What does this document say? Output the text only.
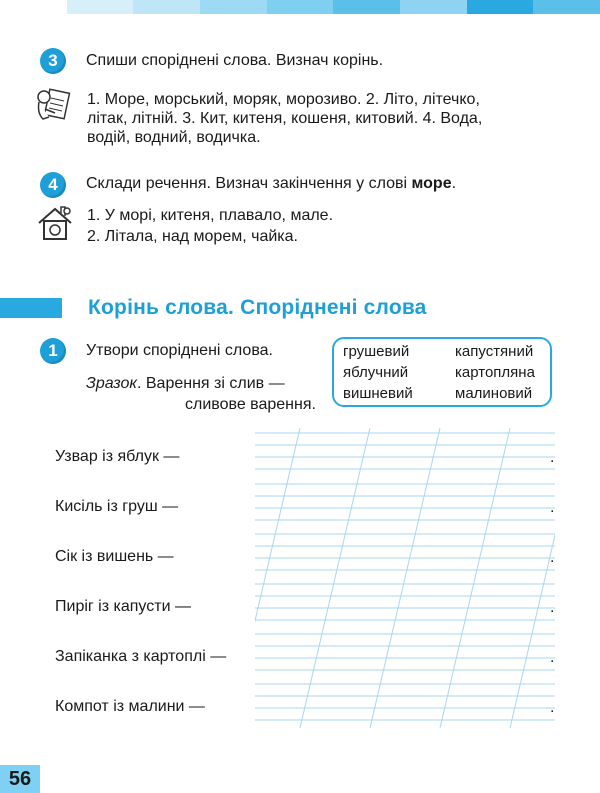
3	Спиши споріднені слова. Визнач корінь.
1. Море, морський, моряк, морозиво. 2. Літо, літечко,
літак, літній. 3. Кит, китеня, кошеня, китовий. 4. Вода,
водій, водний, водичка.
4	Склади речення. Визнач закінчення у слові море.
1. У морі, китеня, плавало, мале.
2. Літала, над морем, чайка.
Корінь слова. Споріднені слова
1	Утвори споріднені слова.
Зразок. Варення зі слив —
сливове варення.
грушевий	капустяний
яблучний	картопляна
вишневий	малиновий
Узвар із яблук —
Кисіль із груш —
Сік із вишень —
Пиріг із капусти —
Запіканка з картоплі —
Компот із малини —
.
.
.
.
.
.
56
